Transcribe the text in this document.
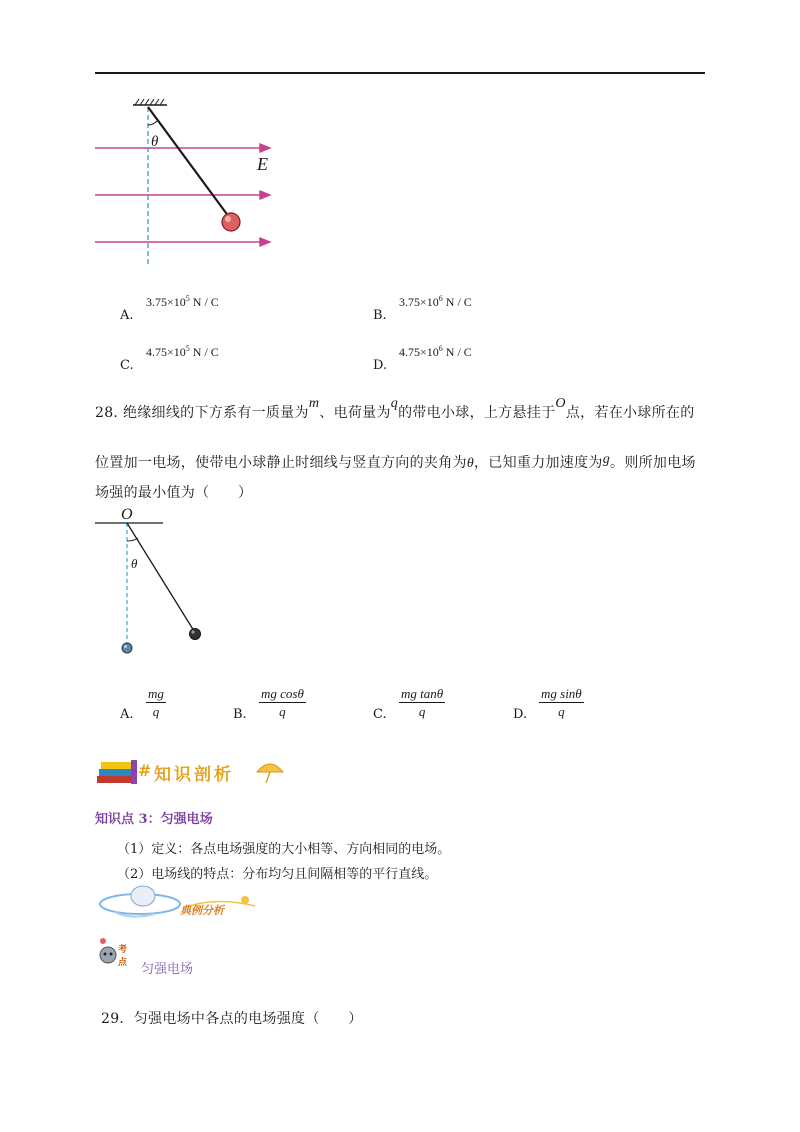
θ
E
A.
$3.75\times 10^5$ N / C
B.
$3.75\times 10^6$ N / C
C.
$4.75\times 10^5$ N / C
D.
$4.75\times 10^6$ N / C
28. 绝缘细线的下方系有一质量为m、电荷量为q的带电小球，上方悬挂于O点，若在小球所在的
位置加一电场，使带电小球静止时细线与竖直方向的夹角为θ，已知重力加速度为g。则所加电场
场强的最小值为（　　）
O
θ
A. $\frac{mg}{q}$	B. $\frac{\text{mg cosθ}}{q}$	C. $\frac{\text{mg tanθ}}{q}$	D. $\frac{\text{mg sinθ}}{q}$
# 知识剖析
知识点 3：匀强电场
（1）定义：各点电场强度的大小相等、方向相同的电场。
（2）电场线的特点：分布均匀且间隔相等的平行直线。
典例分析
考
点 匀强电场
29．匀强电场中各点的电场强度（　　）
